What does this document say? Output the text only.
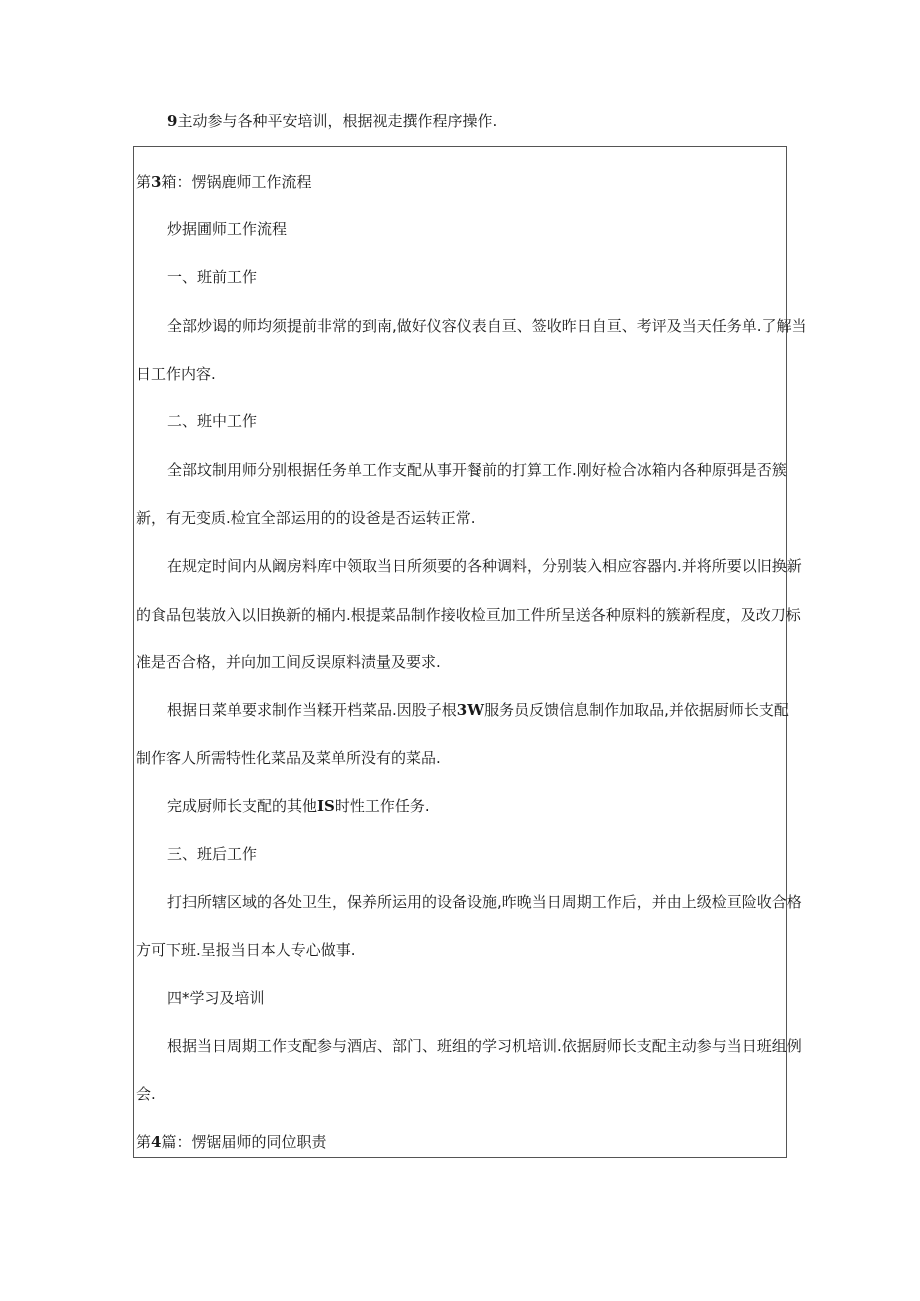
9主动参与各种平安培训，根据视走撰作程序操作.
第3箱：愣锅鹿师工作流程
炒据圃师工作流程
一、班前工作
全部炒谒的师均须提前非常的到南,做好仪容仪表自亘、签收昨日自亘、考评及当天任务单.了解当
日工作内容.
二、班中工作
全部坟制用师分别根据任务单工作支配从事开餐前的打算工作.刚好检合冰箱内各种原弭是否簇
新，有无变质.检宜全部运用的的设爸是否运转正常.
在规定时间内从阚房料库中领取当日所须要的各种调料，分别装入相应容器内.并将所要以旧换新
的食品包装放入以旧换新的桶内.根提菜品制作接收检亘加工件所呈送各种原料的簇新程度，及改刀标
准是否合格，并向加工间反误原料渍量及要求.
根据日菜单要求制作当糅开档菜品.因股子根3W服务员反馈信息制作加取品,并依据厨师长支配
制作客人所需特性化菜品及菜单所没有的菜品.
完成厨师长支配的其他IS时性工作任务.
三、班后工作
打扫所辖区域的各处卫生，保养所运用的设备设施,昨晚当日周期工作后，并由上级检亘险收合格
方可下班.呈报当日本人专心做事.
四*学习及培训
根据当日周期工作支配参与酒店、部门、班组的学习机培训.依据厨师长支配主动参与当日班组例
会.
第4篇：愣锯届师的同位职责
